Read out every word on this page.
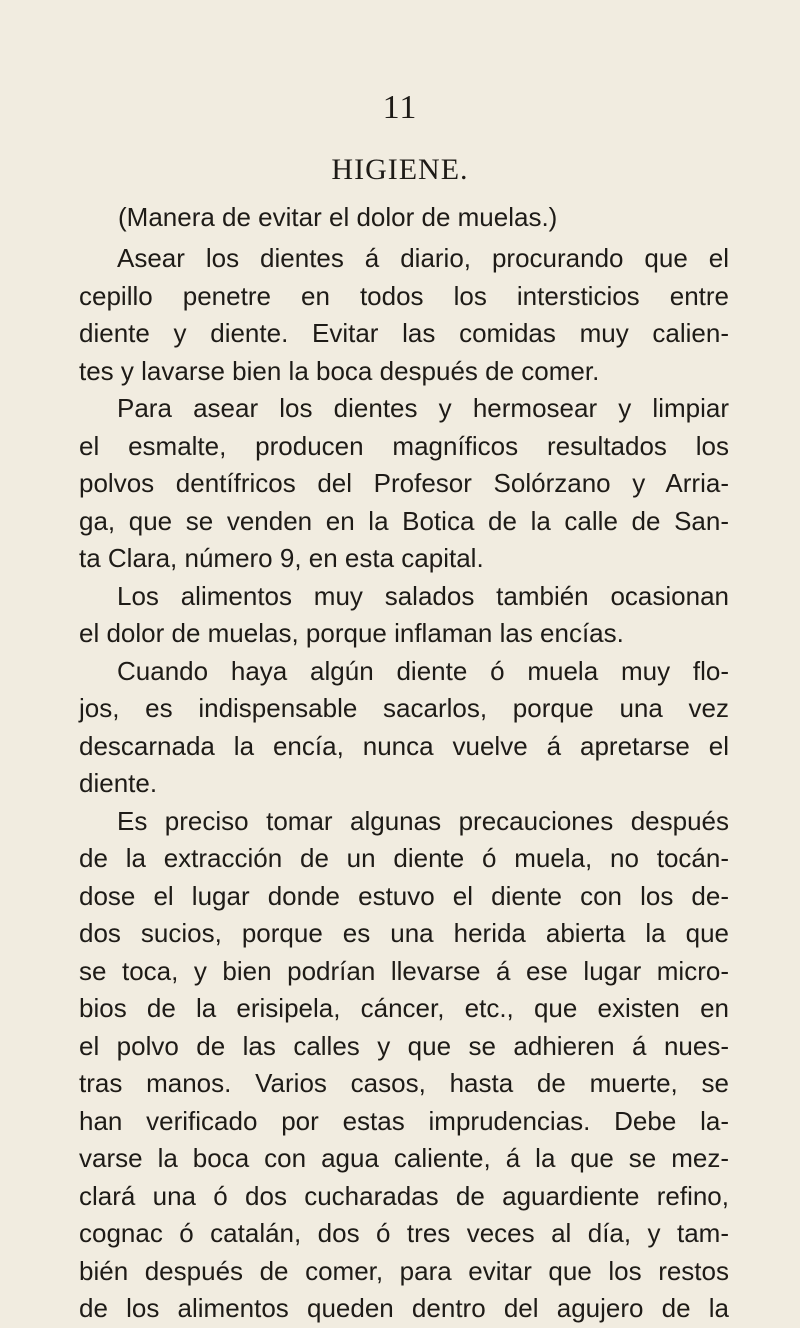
11
HIGIENE.
(Manera de evitar el dolor de muelas.)
Asear los dientes á diario, procurando que el
cepillo penetre en todos los intersticios entre
diente y diente. Evitar las comidas muy calien-
tes y lavarse bien la boca después de comer.
Para asear los dientes y hermosear y limpiar
el esmalte, producen magníficos resultados los
polvos dentífricos del Profesor Solórzano y Arria-
ga, que se venden en la Botica de la calle de San-
ta Clara, número 9, en esta capital.
Los alimentos muy salados también ocasionan
el dolor de muelas, porque inflaman las encías.
Cuando haya algún diente ó muela muy flo-
jos, es indispensable sacarlos, porque una vez
descarnada la encía, nunca vuelve á apretarse el
diente.
Es preciso tomar algunas precauciones después
de la extracción de un diente ó muela, no tocán-
dose el lugar donde estuvo el diente con los de-
dos sucios, porque es una herida abierta la que
se toca, y bien podrían llevarse á ese lugar micro-
bios de la erisipela, cáncer, etc., que existen en
el polvo de las calles y que se adhieren á nues-
tras manos. Varios casos, hasta de muerte, se
han verificado por estas imprudencias. Debe la-
varse la boca con agua caliente, á la que se mez-
clará una ó dos cucharadas de aguardiente refino,
cognac ó catalán, dos ó tres veces al día, y tam-
bién después de comer, para evitar que los restos
de los alimentos queden dentro del agujero de la
